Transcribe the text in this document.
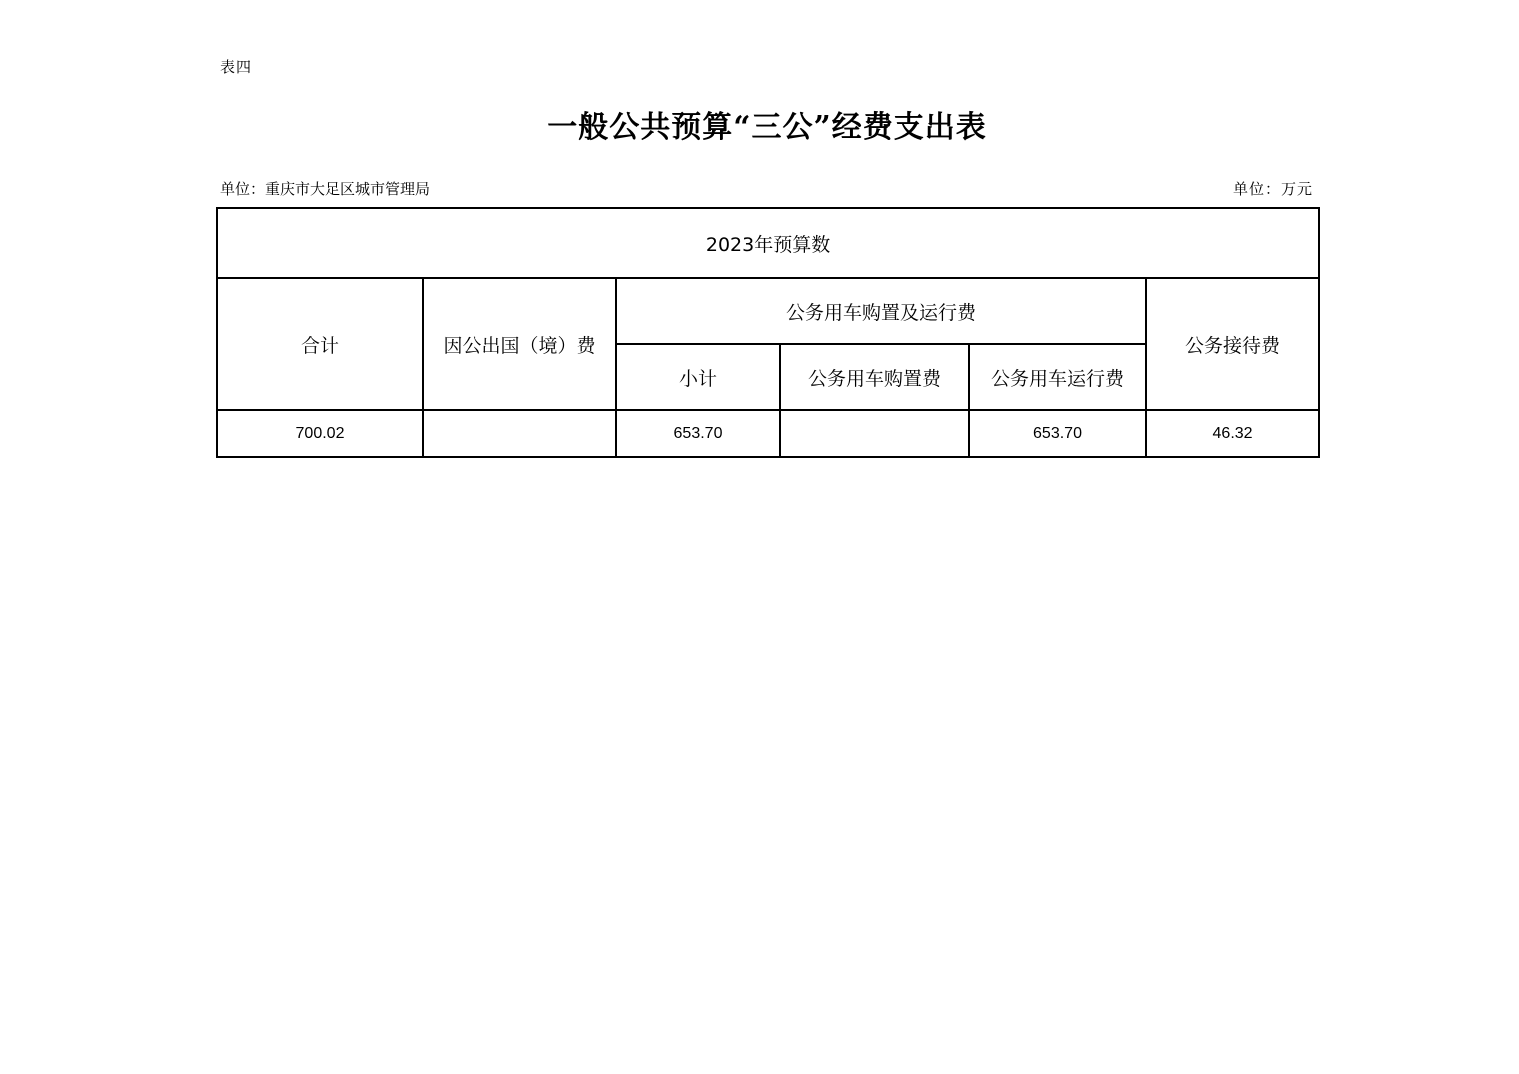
表四
一般公共预算“三公”经费支出表
单位：重庆市大足区城市管理局	单位：万元
2023年预算数					
合计	因公出国（境）费	公务用车购置及运行费			公务接待费
		小计	公务用车购置费	公务用车运行费	
700.02		653.70		653.70	46.32
